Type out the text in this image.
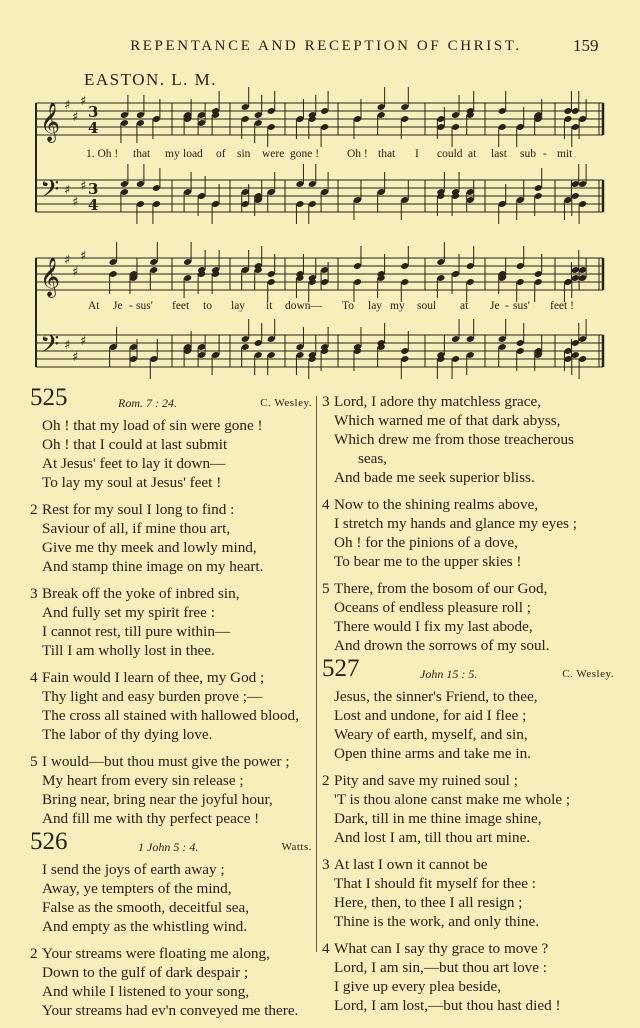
REPENTANCE AND RECEPTION OF CHRIST.	159
EASTON. L. M.
𝄞
𝄢
♯
♯
♯
♯
♯
♯
3
4
3
4
𝄞
𝄢
♯
♯
♯
♯
♯
♯
1. Oh ! that my load of sin were gone ! Oh ! that I could at last sub - mit
At Je - sus' feet to lay it down— To lay my soul at Je - sus' feet !
525	Rom. 7 : 24.	C. Wesley.
Oh ! that my load of sin were gone !
Oh ! that I could at last submit
At Jesus' feet to lay it down—
To lay my soul at Jesus' feet !
2 Rest for my soul I long to find :
Saviour of all, if mine thou art,
Give me thy meek and lowly mind,
And stamp thine image on my heart.
3 Break off the yoke of inbred sin,
And fully set my spirit free :
I cannot rest, till pure within—
Till I am wholly lost in thee.
4 Fain would I learn of thee, my God ;
Thy light and easy burden prove ;—
The cross all stained with hallowed blood,
The labor of thy dying love.
5 I would—but thou must give the power ;
My heart from every sin release ;
Bring near, bring near the joyful hour,
And fill me with thy perfect peace !
526	1 John 5 : 4.	Watts.
I send the joys of earth away ;
Away, ye tempters of the mind,
False as the smooth, deceitful sea,
And empty as the whistling wind.
2 Your streams were floating me along,
Down to the gulf of dark despair ;
And while I listened to your song,
Your streams had ev'n conveyed me there.
3 Lord, I adore thy matchless grace,
Which warned me of that dark abyss,
Which drew me from those treacherous
seas,
And bade me seek superior bliss.
4 Now to the shining realms above,
I stretch my hands and glance my eyes ;
Oh ! for the pinions of a dove,
To bear me to the upper skies !
5 There, from the bosom of our God,
Oceans of endless pleasure roll ;
There would I fix my last abode,
And drown the sorrows of my soul.
527	John 15 : 5.	C. Wesley.
Jesus, the sinner's Friend, to thee,
Lost and undone, for aid I flee ;
Weary of earth, myself, and sin,
Open thine arms and take me in.
2 Pity and save my ruined soul ;
'T is thou alone canst make me whole ;
Dark, till in me thine image shine,
And lost I am, till thou art mine.
3 At last I own it cannot be
That I should fit myself for thee :
Here, then, to thee I all resign ;
Thine is the work, and only thine.
4 What can I say thy grace to move ?
Lord, I am sin,—but thou art love :
I give up every plea beside,
Lord, I am lost,—but thou hast died !
